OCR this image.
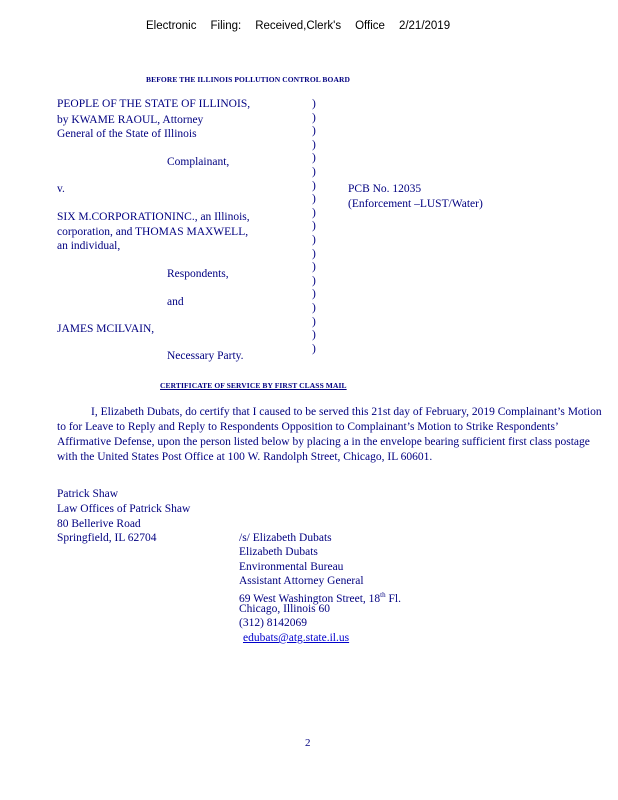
Electronic Filing: Received,Clerk's Office 2/21/2019
BEFORE THE ILLINOIS POLLUTION CONTROL BOARD
PEOPLE OF THE STATE OF ILLINOIS,
by KWAME RAOUL, Attorney
General of the State of Illinois
Complainant,
v.
SIX M.CORPORATIONINC., an Illinois,
corporation, and THOMAS MAXWELL,
an individual,
Respondents,
and
JAMES MCILVAIN,
Necessary Party.
)
)
)
)
)
)
)
)
)
)
)
)
)
)
)
)
)
)
)
PCB No. 12035
(Enforcement –LUST/Water)
CERTIFICATE OF SERVICE BY FIRST CLASS MAIL
I, Elizabeth Dubats, do certify that I caused to be served this 21st day of February, 2019 Complainant’s Motion to for Leave to Reply and Reply to Respondents Opposition to Complainant’s Motion to Strike Respondents’ Affirmative Defense, upon the person listed below by placing a in the envelope bearing sufficient first class postage with the United States Post Office at 100 W. Randolph Street, Chicago, IL 60601.
Patrick Shaw
Law Offices of Patrick Shaw
80 Bellerive Road
Springfield, IL 62704	/s/ Elizabeth Dubats
Elizabeth Dubats
Environmental Bureau
Assistant Attorney General
69 West Washington Street, 18th Fl.
Chicago, Illinois 60
(312) 8142069
edubats@atg.state.il.us
2
